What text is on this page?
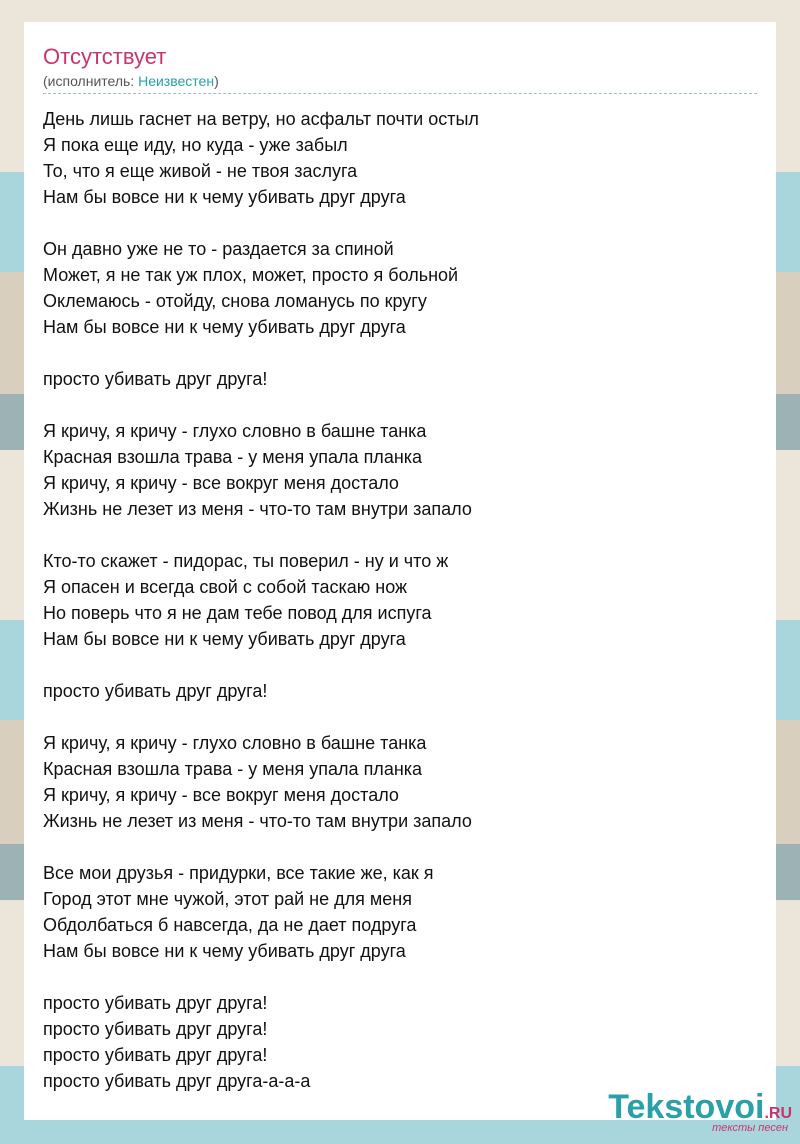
Отсутствует
(исполнитель: Неизвестен)
День лишь гаснет на ветру, но асфальт почти остыл
Я пока еще иду, но куда - уже забыл
То, что я еще живой - не твоя заслуга
Нам бы вовсе ни к чему убивать друг друга
Он давно уже не то - раздается за спиной
Может, я не так уж плох, может, просто я больной
Оклемаюсь - отойду, снова ломанусь по кругу
Нам бы вовсе ни к чему убивать друг друга
просто убивать друг друга!
Я кричу, я кричу - глухо словно в башне танка
Красная взошла трава - у меня упала планка
Я кричу, я кричу - все вокруг меня достало
Жизнь не лезет из меня - что-то там внутри запало
Кто-то скажет - пидорас, ты поверил - ну и что ж
Я опасен и всегда свой с собой таскаю нож
Но поверь что я не дам тебе повод для испуга
Нам бы вовсе ни к чему убивать друг друга
просто убивать друг друга!
Я кричу, я кричу - глухо словно в башне танка
Красная взошла трава - у меня упала планка
Я кричу, я кричу - все вокруг меня достало
Жизнь не лезет из меня - что-то там внутри запало
Все мои друзья - придурки, все такие же, как я
Город этот мне чужой, этот рай не для меня
Обдолбаться б навсегда, да не дает подруга
Нам бы вовсе ни к чему убивать друг друга
просто убивать друг друга!
просто убивать друг друга!
просто убивать друг друга!
просто убивать друг друга-а-а-а
Tekstovoi.RU
тексты песен
